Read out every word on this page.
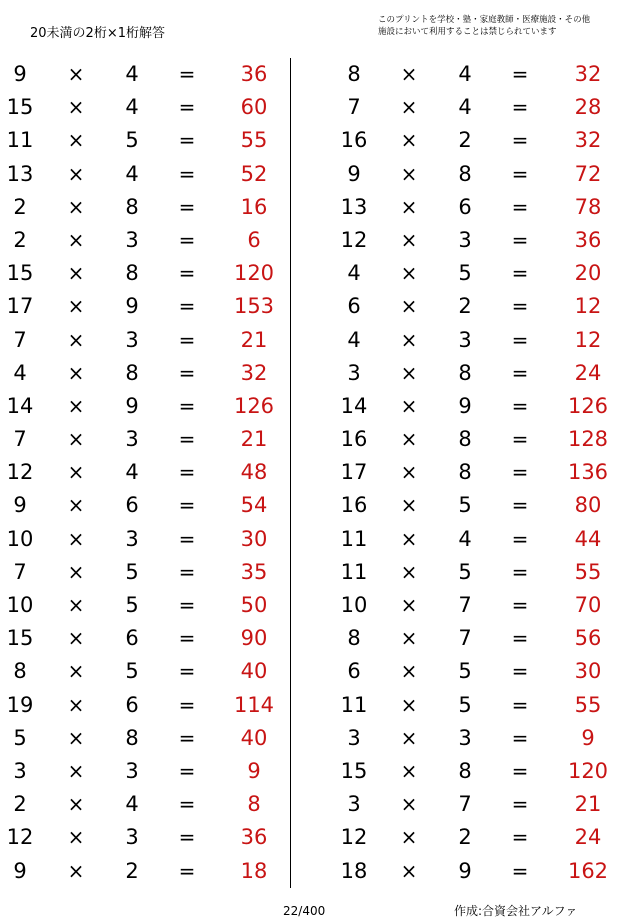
20未満の2桁×1桁解答
このプリントを学校・塾・家庭教師・医療施設・その他
施設において利用することは禁じられています
9	×	4	=	36
15	×	4	=	60
11	×	5	=	55
13	×	4	=	52
2	×	8	=	16
2	×	3	=	6
15	×	8	=	120
17	×	9	=	153
7	×	3	=	21
4	×	8	=	32
14	×	9	=	126
7	×	3	=	21
12	×	4	=	48
9	×	6	=	54
10	×	3	=	30
7	×	5	=	35
10	×	5	=	50
15	×	6	=	90
8	×	5	=	40
19	×	6	=	114
5	×	8	=	40
3	×	3	=	9
2	×	4	=	8
12	×	3	=	36
9	×	2	=	18
8	×	4	=	32
7	×	4	=	28
16	×	2	=	32
9	×	8	=	72
13	×	6	=	78
12	×	3	=	36
4	×	5	=	20
6	×	2	=	12
4	×	3	=	12
3	×	8	=	24
14	×	9	=	126
16	×	8	=	128
17	×	8	=	136
16	×	5	=	80
11	×	4	=	44
11	×	5	=	55
10	×	7	=	70
8	×	7	=	56
6	×	5	=	30
11	×	5	=	55
3	×	3	=	9
15	×	8	=	120
3	×	7	=	21
12	×	2	=	24
18	×	9	=	162
22/400	作成:合資会社アルファ
